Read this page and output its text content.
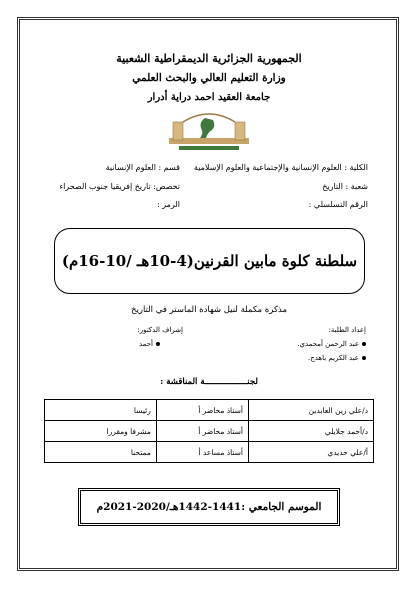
الجمهورية الجزائرية الديمقراطية الشعبية
وزارة التعليم العالي والبحث العلمي
جامعة العقيد احمد دراية أدرار
الكلية : العلوم الإنسانية والإجتماعية والعلوم الإسلامية
قسم : العلوم الإنسانية
شعبة : التاريخ
تخصص: تاريخ إفريقيا جنوب الصحراء
الرقم التسلسلي :
الرمز :
سلطنة كلوة مابين القرنين(4-10هـ /10-16م)
مذكرة مكملة لنيل شهادة الماستر في التاريخ
إعداد الطلبة:
عبد الرحمن أمحمدي.
عبد الكريم باهدج.
إشراف الدكتور:
أحمد
لجنـــــــــــــــــة المناقشة :
د/علي زين العابدين	أستاذ محاضر أ	رئيسا
د/أحمد جلايلي	أستاذ محاضر أ	مشرفا ومقررا
أ/علي حديدي	أستاذ مساعد أ	ممتحنا
الموسم الجامعي :1441-1442هـ/2020-2021م
